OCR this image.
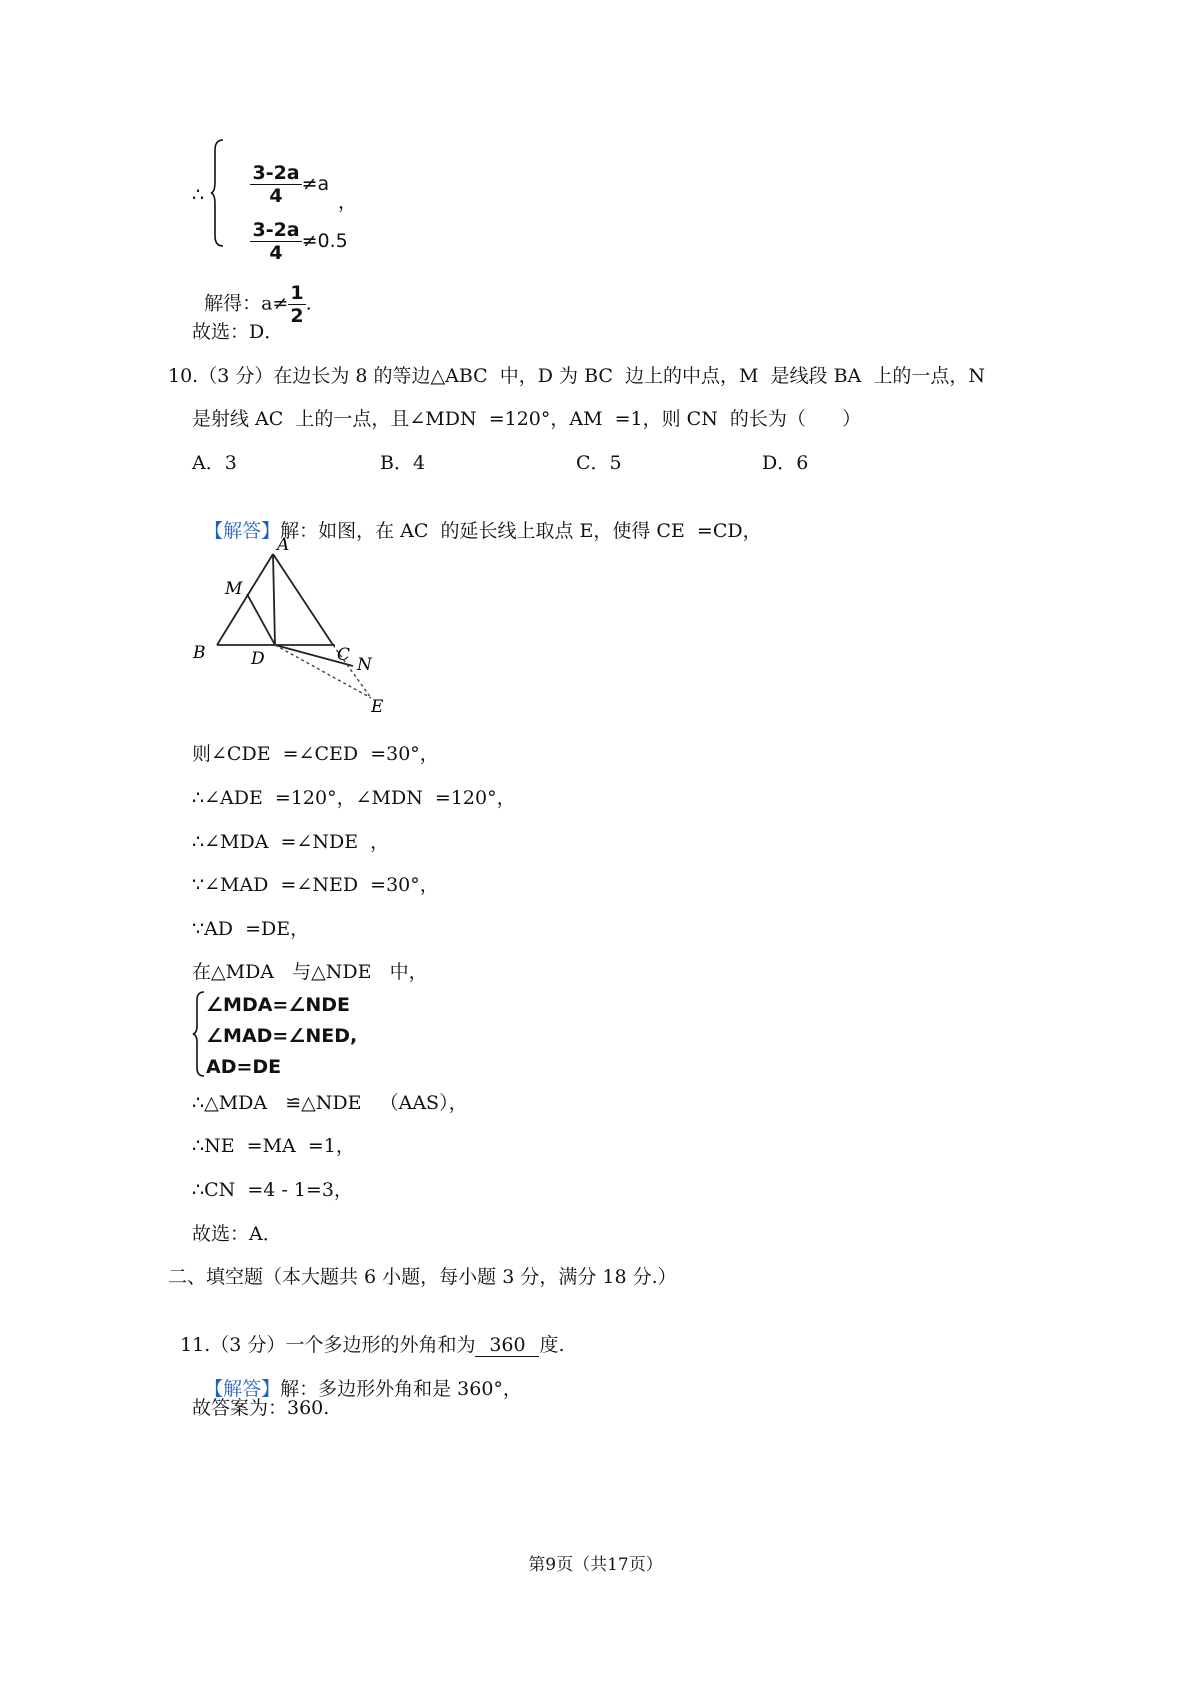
∴

$\frac{3-2a}{4} \ne a$

$\frac{3-2a}{4} \ne 0.5$

，

解得：$a\ne \frac{1}{2}$ .

故选：D．
10.（3 分）在边长为 8 的等边△ABC  中，D 为 BC  边上的中点，M  是线段 BA  上的一点，N
是射线 AC  上的一点，且∠MDN  =120°，AM  =1，则 CN  的长为（      ）
A．3	B．4	C．5	D．6

【解答】解：如图，在 AC  的延长线上取点 E，使得 CE  =CD，

A
M
B	D	C N
E
则∠CDE  =∠CED  =30°，
∴∠ADE  =120°，∠MDN  =120°，
∴∠MDA  =∠NDE  ，
∵∠MAD  =∠NED  =30°，
∵AD  =DE，
在△MDA   与△NDE   中，
∠MDA=∠NDE
∠MAD=∠NED,
AD=DE
∴△MDA   ≌△NDE   （AAS），
∴NE  =MA  =1，
∴CN  =4 - 1=3，
故选：A．
二、填空题（本大题共 6 小题，每小题 3 分，满分 18 分.）

11.（3 分）一个多边形的外角和为 360 度.

【解答】解：多边形外角和是 360°，

故答案为：360.
第9页（共17页）
